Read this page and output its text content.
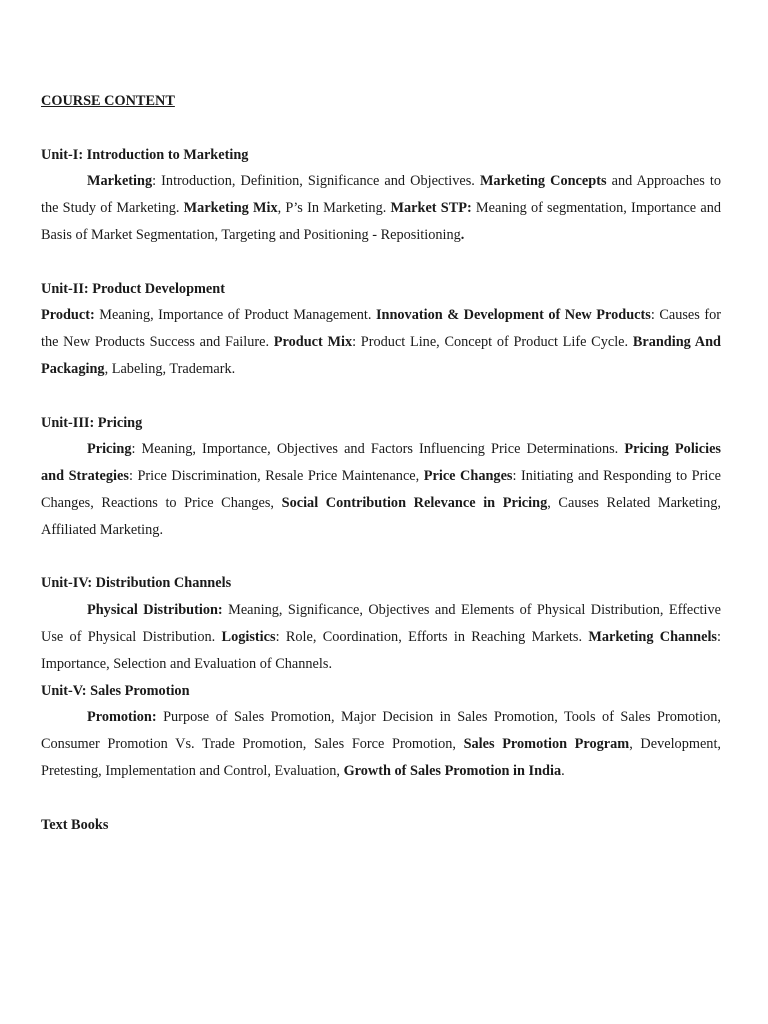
COURSE CONTENT

Unit-I: Introduction to Marketing

Marketing: Introduction, Definition, Significance and Objectives. Marketing Concepts and Approaches to the Study of Marketing. Marketing Mix, P’s In Marketing. Market STP: Meaning of segmentation, Importance and Basis of Market Segmentation, Targeting and Positioning - Repositioning.

Unit-II: Product Development

Product: Meaning, Importance of Product Management. Innovation & Development of New Products: Causes for the New Products Success and Failure. Product Mix: Product Line, Concept of Product Life Cycle. Branding And Packaging, Labeling, Trademark.

Unit-III: Pricing

Pricing: Meaning, Importance, Objectives and Factors Influencing Price Determinations. Pricing Policies and Strategies: Price Discrimination, Resale Price Maintenance, Price Changes: Initiating and Responding to Price Changes, Reactions to Price Changes, Social Contribution Relevance in Pricing, Causes Related Marketing, Affiliated Marketing.

Unit-IV: Distribution Channels

Physical Distribution: Meaning, Significance, Objectives and Elements of Physical Distribution, Effective Use of Physical Distribution. Logistics: Role, Coordination, Efforts in Reaching Markets. Marketing Channels: Importance, Selection and Evaluation of Channels.

Unit-V: Sales Promotion

Promotion: Purpose of Sales Promotion, Major Decision in Sales Promotion, Tools of Sales Promotion, Consumer Promotion Vs. Trade Promotion, Sales Force Promotion, Sales Promotion Program, Development, Pretesting, Implementation and Control, Evaluation, Growth of Sales Promotion in India.

Text Books
